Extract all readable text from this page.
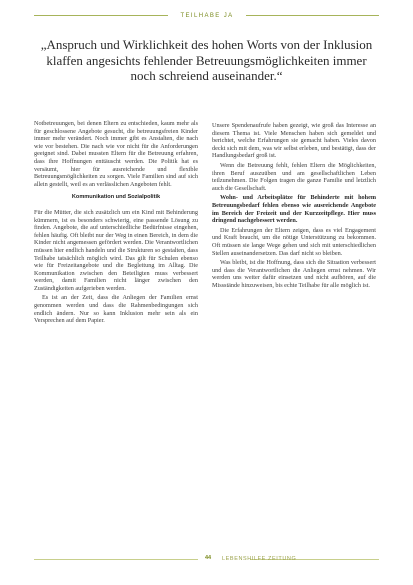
TEILHABE JA
„Anspruch und Wirklichkeit des hohen Worts von der Inklusion klaffen angesichts fehlender Betreuungsmöglichkeiten immer noch schreiend auseinander.“

Notbetreuungen, bei denen Eltern zu entschieden, kaum mehr als für geschlossene Angebote gesucht, die betreuungsfreien Kinder immer mehr verändert. Noch immer gibt es Anstalten, die nach wie vor bestehen. Die nach wie vor nicht für die Anforderungen geeignet sind. Dabei mussten Eltern für die Betreuung erfahren, dass ihre Hoffnungen enttäuscht werden. Die Politik hat es versäumt, hier für ausreichende und flexible Betreuungsmöglichkeiten zu sorgen. Viele Familien sind auf sich allein gestellt, weil es an verlässlichen Angeboten fehlt.

Kommunikation und Sozialpolitik

Für die Mütter, die sich zusätzlich um ein Kind mit Behinderung kümmern, ist es besonders schwierig, eine passende Lösung zu finden. Angebote, die auf unterschiedliche Bedürfnisse eingehen, fehlen häufig. Oft bleibt nur der Weg in einen Bereich, in dem die Kinder nicht angemessen gefördert werden. Die Verantwortlichen müssen hier endlich handeln und die Strukturen so gestalten, dass Teilhabe tatsächlich möglich wird. Das gilt für Schulen ebenso wie für Freizeitangebote und die Begleitung im Alltag. Die Kommunikation zwischen den Beteiligten muss verbessert werden, damit Familien nicht länger zwischen den Zuständigkeiten aufgerieben werden.

Es ist an der Zeit, dass die Anliegen der Familien ernst genommen werden und dass die Rahmenbedingungen sich endlich ändern. Nur so kann Inklusion mehr sein als ein Versprechen auf dem Papier.

Unsere Spendenaufrufe haben gezeigt, wie groß das Interesse an diesem Thema ist. Viele Menschen haben sich gemeldet und berichtet, welche Erfahrungen sie gemacht haben. Vieles davon deckt sich mit dem, was wir selbst erleben, und bestätigt, dass der Handlungsbedarf groß ist.

Wenn die Betreuung fehlt, fehlen Eltern die Möglichkeiten, ihren Beruf auszuüben und am gesellschaftlichen Leben teilzunehmen. Die Folgen tragen die ganze Familie und letztlich auch die Gesellschaft.

Wohn- und Arbeitsplätze für Behinderte mit hohem Betreuungsbedarf fehlen ebenso wie ausreichende Angebote im Bereich der Freizeit und der Kurzzeitpflege. Hier muss dringend nachgebessert werden.

Die Erfahrungen der Eltern zeigen, dass es viel Engagement und Kraft braucht, um die nötige Unterstützung zu bekommen. Oft müssen sie lange Wege gehen und sich mit unterschiedlichen Stellen auseinandersetzen. Das darf nicht so bleiben.

Was bleibt, ist die Hoffnung, dass sich die Situation verbessert und dass die Verantwortlichen die Anliegen ernst nehmen. Wir werden uns weiter dafür einsetzen und nicht aufhören, auf die Missstände hinzuweisen, bis echte Teilhabe für alle möglich ist.

44 LEBENSHILFE ZEITUNG
